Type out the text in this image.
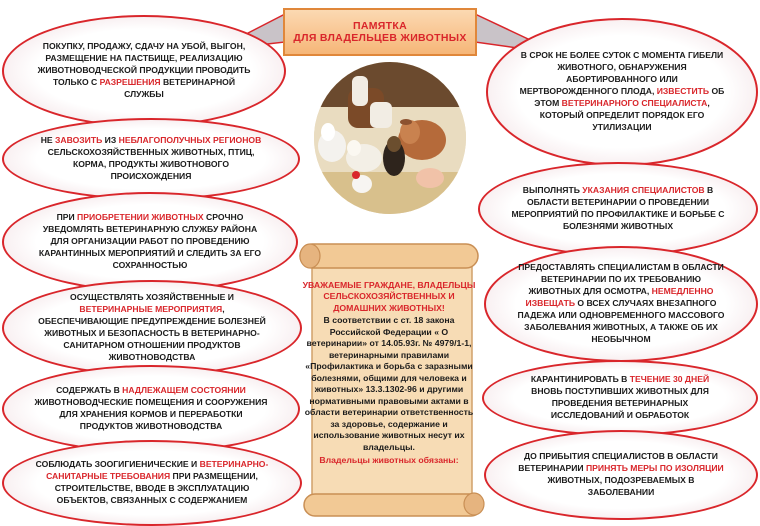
ПАМЯТКА
ДЛЯ ВЛАДЕЛЬЦЕВ ЖИВОТНЫХ
ПОКУПКУ, ПРОДАЖУ, СДАЧУ НА УБОЙ, ВЫГОН, РАЗМЕЩЕНИЕ НА ПАСТБИЩЕ, РЕАЛИЗАЦИЮ ЖИВОТНОВОДЧЕСКОЙ ПРОДУКЦИИ ПРОВОДИТЬ ТОЛЬКО С РАЗРЕШЕНИЯ ВЕТЕРИНАРНОЙ СЛУЖБЫ
НЕ ЗАВОЗИТЬ ИЗ НЕБЛАГОПОЛУЧНЫХ РЕГИОНОВ СЕЛЬСКОХОЗЯЙСТВЕННЫХ ЖИВОТНЫХ, ПТИЦ, КОРМА, ПРОДУКТЫ ЖИВОТНОВОГО ПРОИСХОЖДЕНИЯ
ПРИ ПРИОБРЕТЕНИИ ЖИВОТНЫХ СРОЧНО УВЕДОМЛЯТЬ ВЕТЕРИНАРНУЮ СЛУЖБУ РАЙОНА ДЛЯ ОРГАНИЗАЦИИ РАБОТ ПО ПРОВЕДЕНИЮ КАРАНТИННЫХ МЕРОПРИЯТИЙ И СЛЕДИТЬ ЗА ЕГО СОХРАННОСТЬЮ
ОСУЩЕСТВЛЯТЬ ХОЗЯЙСТВЕННЫЕ И ВЕТЕРИНАРНЫЕ МЕРОПРИЯТИЯ, ОБЕСПЕЧИВАЮЩИЕ ПРЕДУПРЕЖДЕНИЕ БОЛЕЗНЕЙ ЖИВОТНЫХ И БЕЗОПАСНОСТЬ В ВЕТЕРИНАРНО-САНИТАРНОМ ОТНОШЕНИИ ПРОДУКТОВ ЖИВОТНОВОДСТВА
СОДЕРЖАТЬ В НАДЛЕЖАЩЕМ СОСТОЯНИИ ЖИВОТНОВОДЧЕСКИЕ ПОМЕЩЕНИЯ И СООРУЖЕНИЯ ДЛЯ ХРАНЕНИЯ КОРМОВ И ПЕРЕРАБОТКИ ПРОДУКТОВ ЖИВОТНОВОДСТВА
СОБЛЮДАТЬ ЗООГИГИЕНИЧЕСКИЕ И ВЕТЕРИНАРНО-САНИТАРНЫЕ ТРЕБОВАНИЯ ПРИ РАЗМЕЩЕНИИ, СТРОИТЕЛЬСТВЕ, ВВОДЕ В ЭКСПЛУАТАЦИЮ ОБЪЕКТОВ, СВЯЗАННЫХ С СОДЕРЖАНИЕМ
В СРОК НЕ БОЛЕЕ СУТОК С МОМЕНТА ГИБЕЛИ ЖИВОТНОГО, ОБНАРУЖЕНИЯ АБОРТИРОВАННОГО ИЛИ МЕРТВОРОЖДЕННОГО ПЛОДА, ИЗВЕСТИТЬ ОБ ЭТОМ ВЕТЕРИНАРНОГО СПЕЦИАЛИСТА, КОТОРЫЙ ОПРЕДЕЛИТ ПОРЯДОК ЕГО УТИЛИЗАЦИИ
ВЫПОЛНЯТЬ УКАЗАНИЯ СПЕЦИАЛИСТОВ В ОБЛАСТИ ВЕТЕРИНАРИИ О ПРОВЕДЕНИИ МЕРОПРИЯТИЙ ПО ПРОФИЛАКТИКЕ И БОРЬБЕ С БОЛЕЗНЯМИ ЖИВОТНЫХ
ПРЕДОСТАВЛЯТЬ СПЕЦИАЛИСТАМ В ОБЛАСТИ ВЕТЕРИНАРИИ ПО ИХ ТРЕБОВАНИЮ ЖИВОТНЫХ ДЛЯ ОСМОТРА, НЕМЕДЛЕННО ИЗВЕЩАТЬ О ВСЕХ СЛУЧАЯХ ВНЕЗАПНОГО ПАДЕЖА ИЛИ ОДНОВРЕМЕННОГО МАССОВОГО ЗАБОЛЕВАНИЯ ЖИВОТНЫХ, А ТАКЖЕ ОБ ИХ НЕОБЫЧНОМ
КАРАНТИНИРОВАТЬ В ТЕЧЕНИЕ 30 ДНЕЙ ВНОВЬ ПОСТУПИВШИХ ЖИВОТНЫХ ДЛЯ ПРОВЕДЕНИЯ ВЕТЕРИНАРНЫХ ИССЛЕДОВАНИЙ И ОБРАБОТОК
ДО ПРИБЫТИЯ СПЕЦИАЛИСТОВ В ОБЛАСТИ ВЕТЕРИНАРИИ ПРИНЯТЬ МЕРЫ ПО ИЗОЛЯЦИИ ЖИВОТНЫХ, ПОДОЗРЕВАЕМЫХ В ЗАБОЛЕВАНИИ
УВАЖАЕМЫЕ ГРАЖДАНЕ, ВЛАДЕЛЬЦЫ СЕЛЬСКОХОЗЯЙСТВЕННЫХ И ДОМАШНИХ ЖИВОТНЫХ!
В соответствии с ст. 18 закона Российской Федерации « О ветеринарии» от 14.05.93г. № 4979/1-1, ветеринарными правилами «Профилактика и борьба с заразными болезнями, общими для человека и животных» 13.3.1302-96 и другими нормативными правовыми актами в области ветеринарии ответственность за здоровье, содержание и использование животных несут их владельцы.
Владельцы животных обязаны:
